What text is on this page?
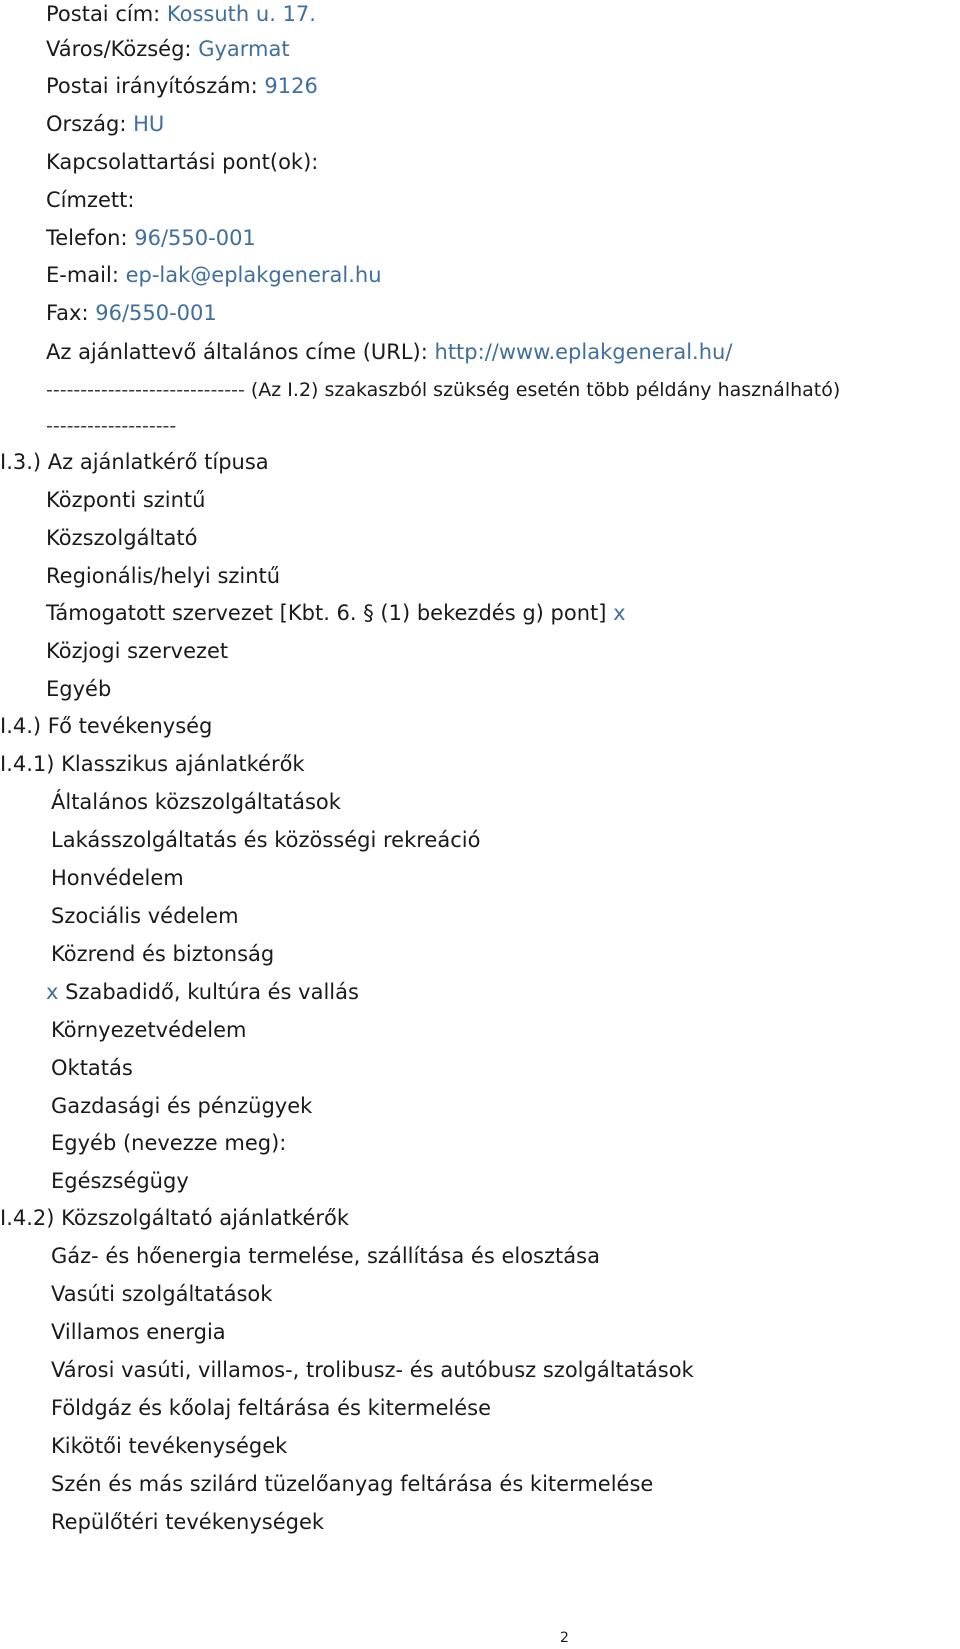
Postai cím: Kossuth u. 17.

Város/Község: Gyarmat

Postai irányítószám: 9126

Ország: HU

Kapcsolattartási pont(ok):

Címzett:

Telefon: 96/550-001

E-mail: ep-lak@eplakgeneral.hu

Fax: 96/550-001

Az ajánlattevő általános címe (URL): http://www.eplakgeneral.hu/

----------------------------- (Az I.2) szakaszból szükség esetén több példány használható)

-------------------

I.3.) Az ajánlatkérő típusa

Központi szintű

Közszolgáltató

Regionális/helyi szintű

Támogatott szervezet [Kbt. 6. § (1) bekezdés g) pont] x

Közjogi szervezet

Egyéb

I.4.) Fő tevékenység

I.4.1) Klasszikus ajánlatkérők

Általános közszolgáltatások

Lakásszolgáltatás és közösségi rekreáció

Honvédelem

Szociális védelem

Közrend és biztonság

x Szabadidő, kultúra és vallás

Környezetvédelem

Oktatás

Gazdasági és pénzügyek

Egyéb (nevezze meg):

Egészségügy

I.4.2) Közszolgáltató ajánlatkérők

Gáz- és hőenergia termelése, szállítása és elosztása

Vasúti szolgáltatások

Villamos energia

Városi vasúti, villamos-, trolibusz- és autóbusz szolgáltatások

Földgáz és kőolaj feltárása és kitermelése

Kikötői tevékenységek

Szén és más szilárd tüzelőanyag feltárása és kitermelése

Repülőtéri tevékenységek

2
